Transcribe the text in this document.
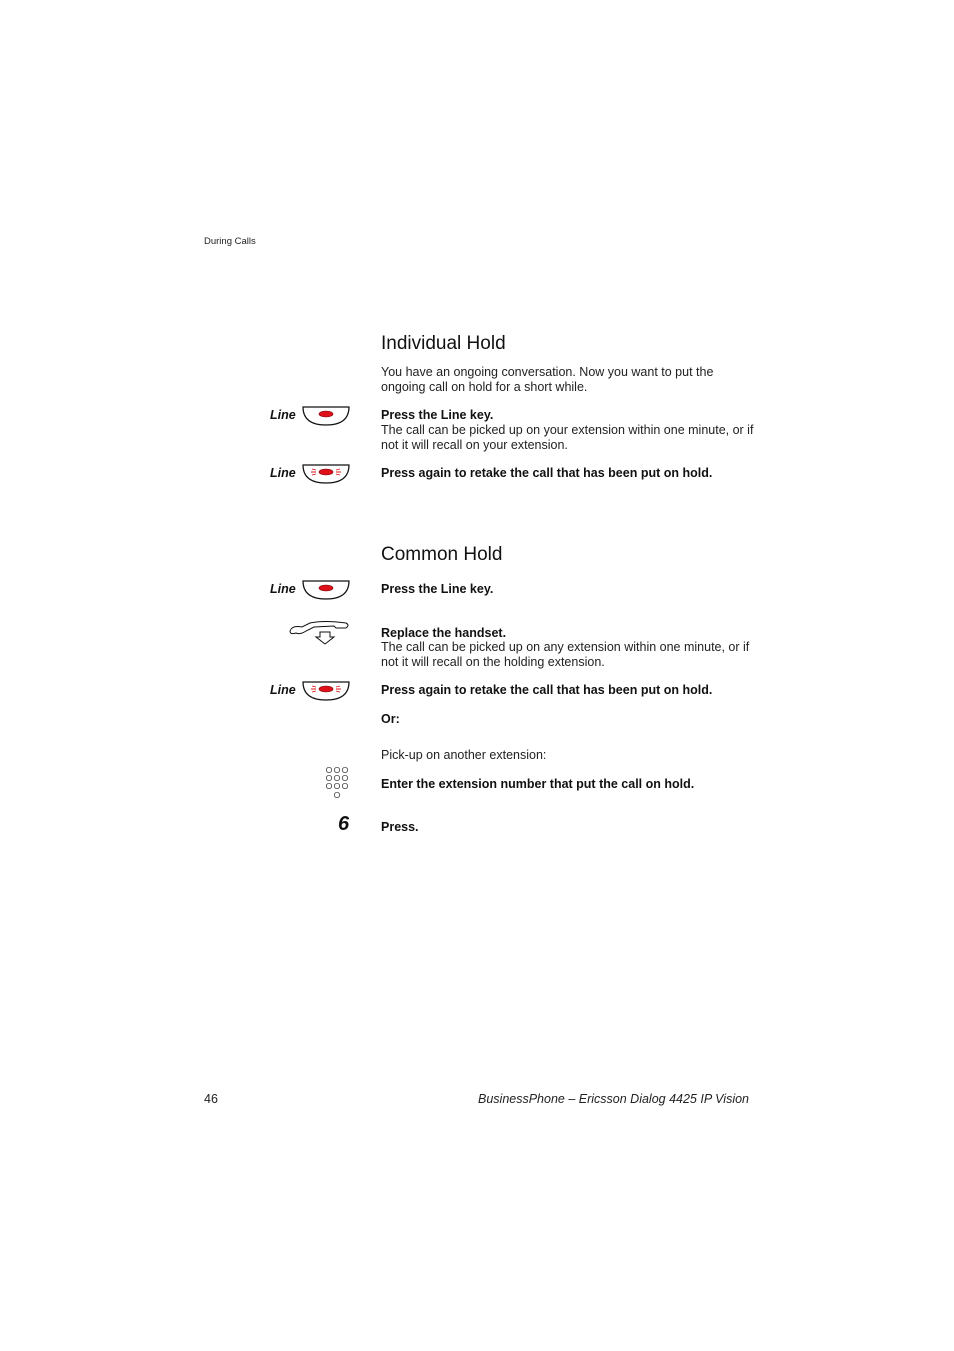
During Calls
Individual Hold
You have an ongoing conversation. Now you want to put the ongoing call on hold for a short while.
Line	Press the Line key.
The call can be picked up on your extension within one minute, or if not it will recall on your extension.
Line	Press again to retake the call that has been put on hold.
Common Hold
Line	Press the Line key.
Replace the handset.
The call can be picked up on any extension within one minute, or if not it will recall on the holding extension.
Line	Press again to retake the call that has been put on hold.
Or:
Pick-up on another extension:
Enter the extension number that put the call on hold.
6	Press.
46	BusinessPhone – Ericsson Dialog 4425 IP Vision
